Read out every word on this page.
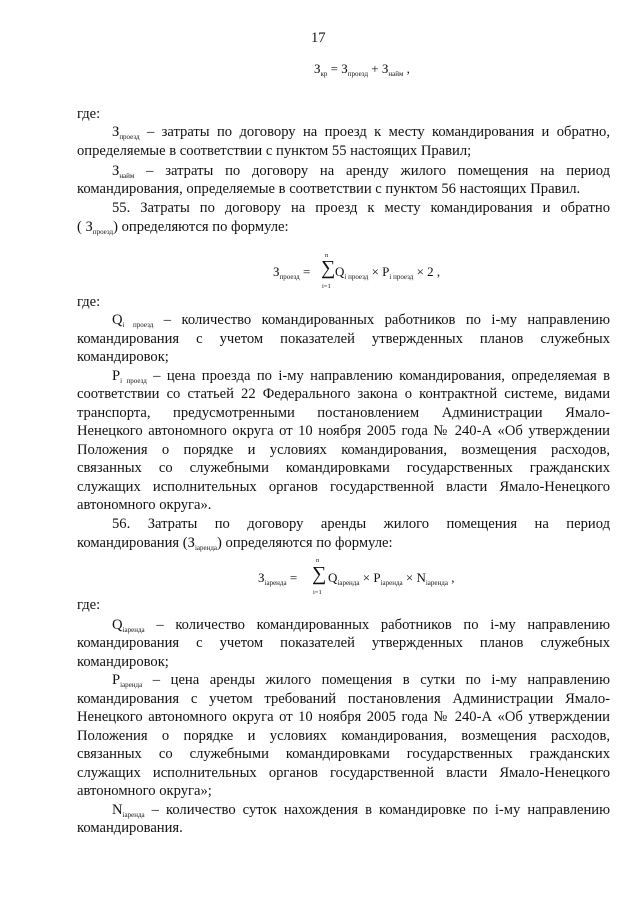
17
$З_{кр} = З_{проезд} + З_{найм}$ ,
где:
$З_{проезд}$ – затраты по договору на проезд к месту командирования и обратно,
определяемые в соответствии с пунктом 55 настоящих Правил;
$З_{найм}$ – затраты по договору на аренду жилого помещения на период
командирования, определяемые в соответствии с пунктом 56 настоящих Правил.
55. Затраты по договору на проезд к месту командирования и обратно
( $З_{проезд}$) определяются по формуле:
$З_{проезд}$ = ∑
n
i=1
$Q_{i проезд} \times P_{i проезд} \times 2$ ,
где:
$Q_{i проезд}$ – количество командированных работников по i-му направлению
командирования с учетом показателей утвержденных планов служебных
командировок;
$P_{i проезд}$ – цена проезда по i-му направлению командирования, определяемая в
соответствии со статьей 22 Федерального закона о контрактной системе, видами
транспорта, предусмотренными постановлением Администрации Ямало-
Ненецкого автономного округа от 10 ноября 2005 года № 240-А «Об утверждении
Положения о порядке и условиях командирования, возмещения расходов,
связанных со служебными командировками государственных гражданских
служащих исполнительных органов государственной власти Ямало-Ненецкого
автономного округа».
56. Затраты по договору аренды жилого помещения на период
командирования $(З_{iаренда})$ определяются по формуле:
$З_{iаренда}$ = ∑
n
i=1
$Q_{iаренда} \times P_{iаренда} \times N_{iаренда}$ ,
где:
$Q_{iаренда}$ – количество командированных работников по i-му направлению
командирования с учетом показателей утвержденных планов служебных
командировок;
$P_{iаренда}$ – цена аренды жилого помещения в сутки по i-му направлению
командирования с учетом требований постановления Администрации Ямало-
Ненецкого автономного округа от 10 ноября 2005 года № 240-А «Об утверждении
Положения о порядке и условиях командирования, возмещения расходов,
связанных со служебными командировками государственных гражданских
служащих исполнительных органов государственной власти Ямало-Ненецкого
автономного округа»;
$N_{iаренда}$ – количество суток нахождения в командировке по i-му направлению
командирования.
